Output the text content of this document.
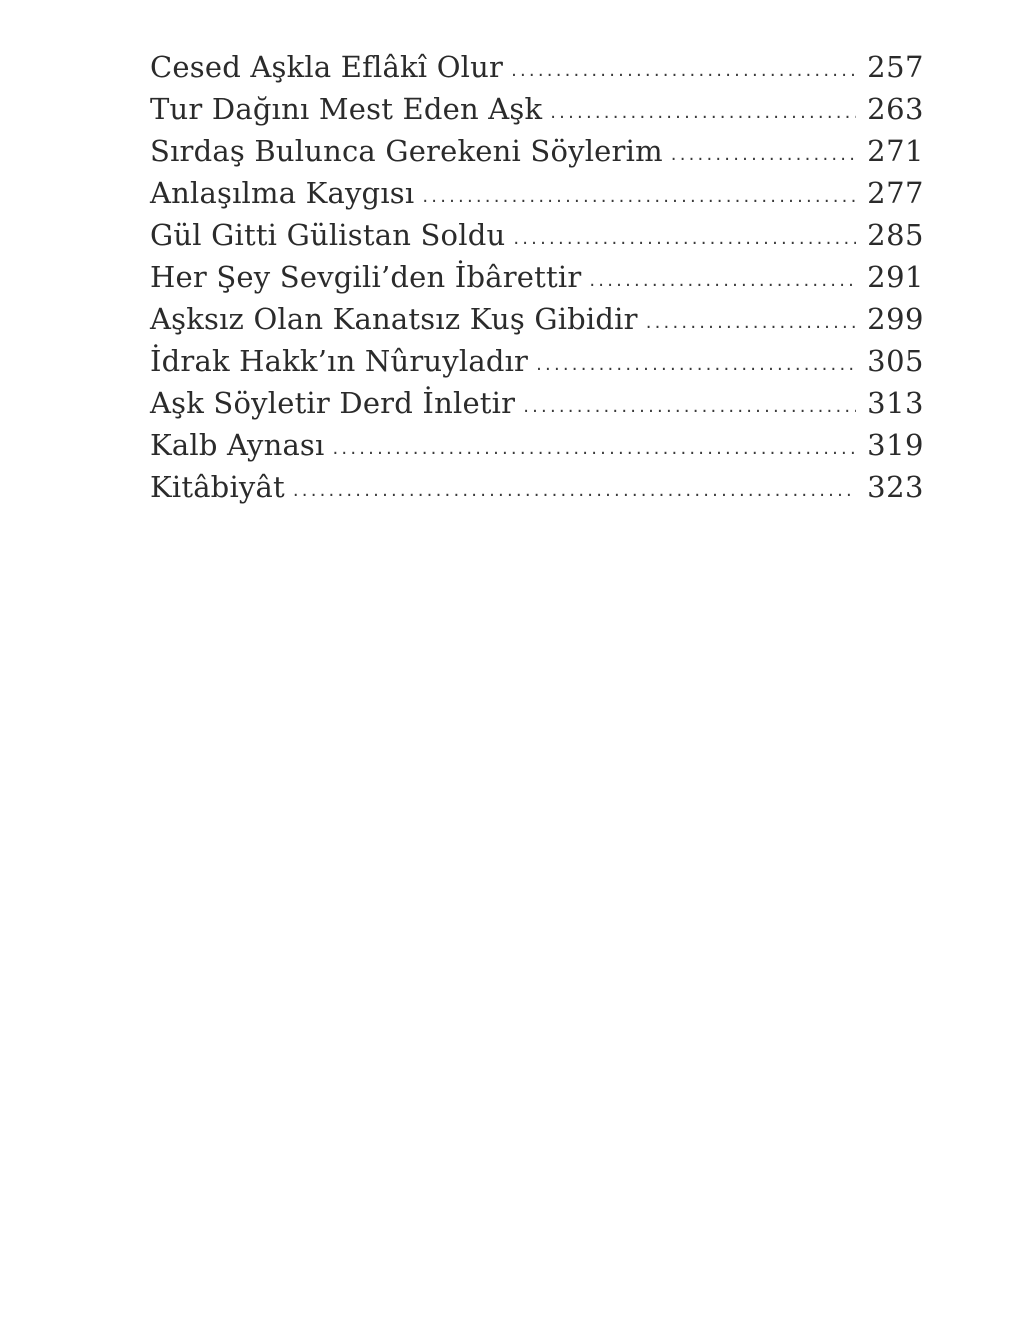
Cesed Aşkla Eflâkî Olur .....	257
Tur Dağını Mest Eden Aşk .....	263
Sırdaş Bulunca Gerekeni Söylerim .....	271
Anlaşılma Kaygısı .....	277
Gül Gitti Gülistan Soldu .....	285
Her Şey Sevgili’den İbârettir .....	291
Aşksız Olan Kanatsız Kuş Gibidir .....	299
İdrak Hakk’ın Nûruyladır .....	305
Aşk Söyletir Derd İnletir .....	313
Kalb Aynası .....	319
Kitâbiyât .....	323
